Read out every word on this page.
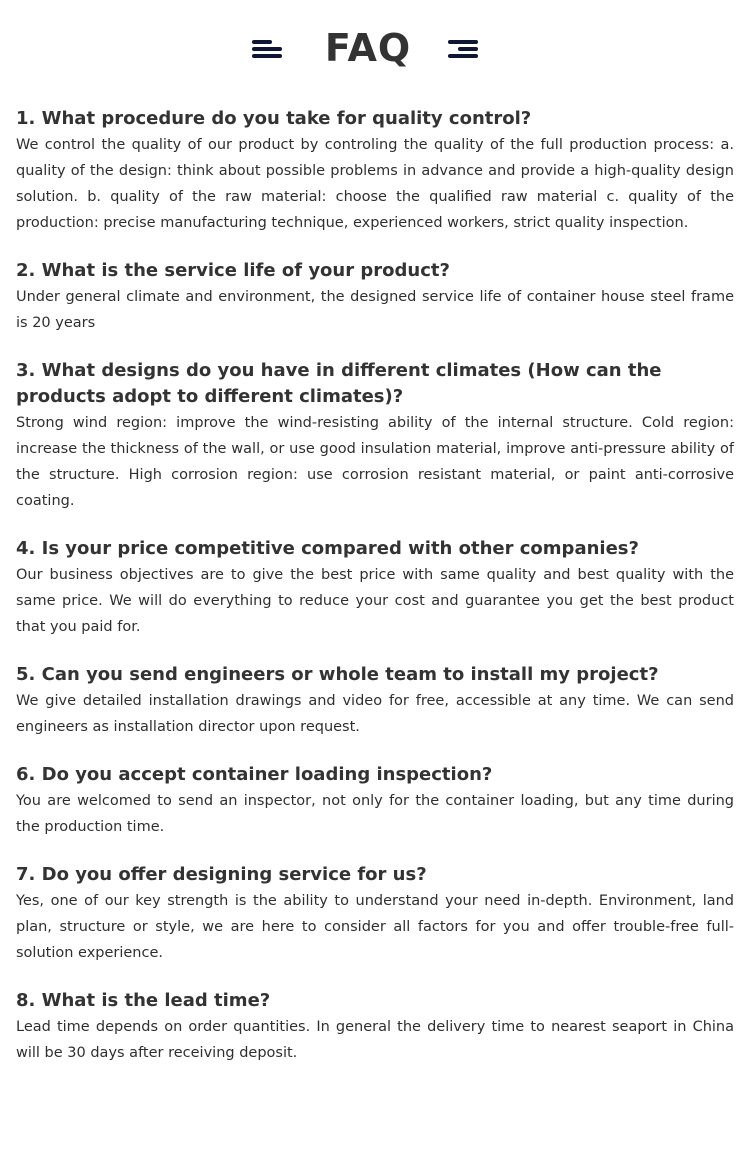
FAQ
1. What procedure do you take for quality control?

We control the quality of our product by controling the quality of the full production process: a. quality of the design: think about possible problems in advance and provide a high-quality design solution. b. quality of the raw material: choose the qualified raw material c. quality of the production: precise manufacturing technique, experienced workers, strict quality inspection.

2. What is the service life of your product?

Under general climate and environment, the designed service life of container house steel frame is 20 years

3. What designs do you have in different climates (How can the products adopt to different climates)?

Strong wind region: improve the wind-resisting ability of the internal structure. Cold region: increase the thickness of the wall, or use good insulation material, improve anti-pressure ability of the structure. High corrosion region: use corrosion resistant material, or paint anti-corrosive coating.

4. Is your price competitive compared with other companies?

Our business objectives are to give the best price with same quality and best quality with the same price. We will do everything to reduce your cost and guarantee you get the best product that you paid for.

5. Can you send engineers or whole team to install my project?

We give detailed installation drawings and video for free, accessible at any time. We can send engineers as installation director upon request.

6. Do you accept container loading inspection?

You are welcomed to send an inspector, not only for the container loading, but any time during the production time.

7. Do you offer designing service for us?

Yes, one of our key strength is the ability to understand your need in-depth. Environment, land plan, structure or style, we are here to consider all factors for you and offer trouble-free full-solution experience.

8. What is the lead time?

Lead time depends on order quantities. In general the delivery time to nearest seaport in China will be 30 days after receiving deposit.
